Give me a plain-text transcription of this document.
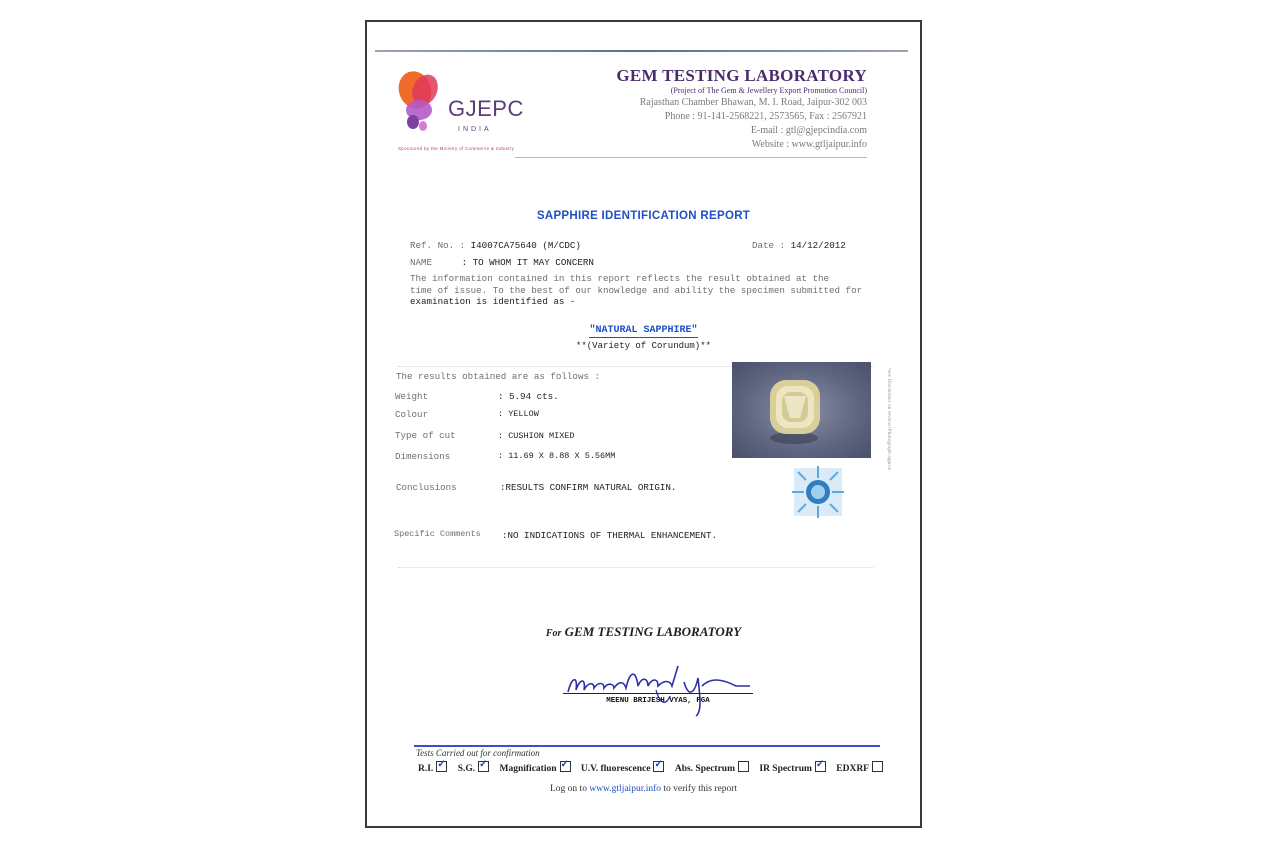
GJEPC
INDIA
Sponsored by the Ministry of Commerce & Industry
GEM TESTING LABORATORY
(Project of The Gem & Jewellery Export Promotion Council)
Rajasthan Chamber Bhawan, M. I. Road, Jaipur-302 003
Phone : 91-141-2568221, 2573565, Fax : 2567921
E-mail : gtl@gjepcindia.com
Website : www.gtljaipur.info
SAPPHIRE IDENTIFICATION REPORT
Ref. No. : I4007CA75640 (M/CDC)	Date : 14/12/2012
NAME	: TO WHOM IT MAY CONCERN
The information contained in this report reflects the result obtained at the
time of issue. To the best of our knowledge and ability the specimen submitted for
examination is identified as -
"NATURAL SAPPHIRE"
**(Variety of Corundum)**
The results obtained are as follows :
Weight	: 5.94 cts.
Colour	: YELLOW
Type of cut	: CUSHION MIXED
Dimensions	: 11.69 X 8.88 X 5.56MM
Conclusions	:RESULTS CONFIRM NATURAL ORIGIN.
Specific Comments :NO INDICATIONS OF THERMAL ENHANCEMENT.
•see Disclaimer on reverse•Photograph approx
For GEM TESTING LABORATORY
MEENU BRIJESH VYAS, FGA
Tests Carried out for confirmation
R.I. ✓	S.G. ✓	Magnification ✓	U.V. fluorescence ✓	Abs. Spectrum	IR Spectrum ✓	EDXRF
Log on to www.gtljaipur.info to verify this report
